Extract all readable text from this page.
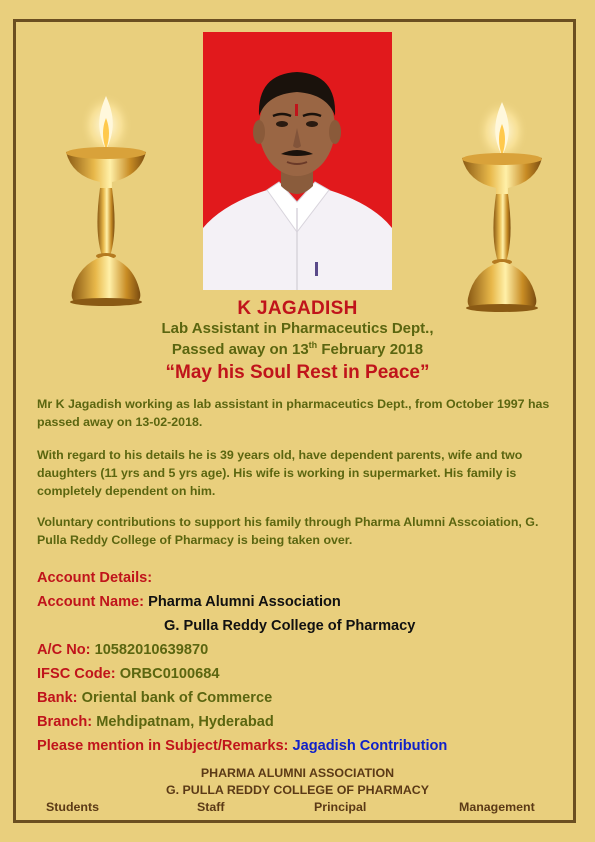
K JAGADISH
Lab Assistant in Pharmaceutics Dept.,
Passed away on 13th February 2018
“May his Soul Rest in Peace”

Mr K Jagadish working as lab assistant in pharmaceutics Dept., from October 1997 has passed away on 13-02-2018.

With regard to his details he is 39 years old, have dependent parents, wife and two daughters (11 yrs and 5 yrs age). His wife is working in supermarket. His family is completely dependent on him.

Voluntary contributions to support his family through Pharma Alumni Asscoiation, G. Pulla Reddy College of Pharmacy is being taken over.

Account Details:
Account Name: Pharma Alumni Association
G. Pulla Reddy College of Pharmacy
A/C No: 10582010639870
IFSC Code: ORBC0100684
Bank: Oriental bank of Commerce
Branch: Mehdipatnam, Hyderabad
Please mention in Subject/Remarks: Jagadish Contribution
PHARMA ALUMNI ASSOCIATION
G. PULLA REDDY COLLEGE OF PHARMACY
Students	Staff	Principal	Management
